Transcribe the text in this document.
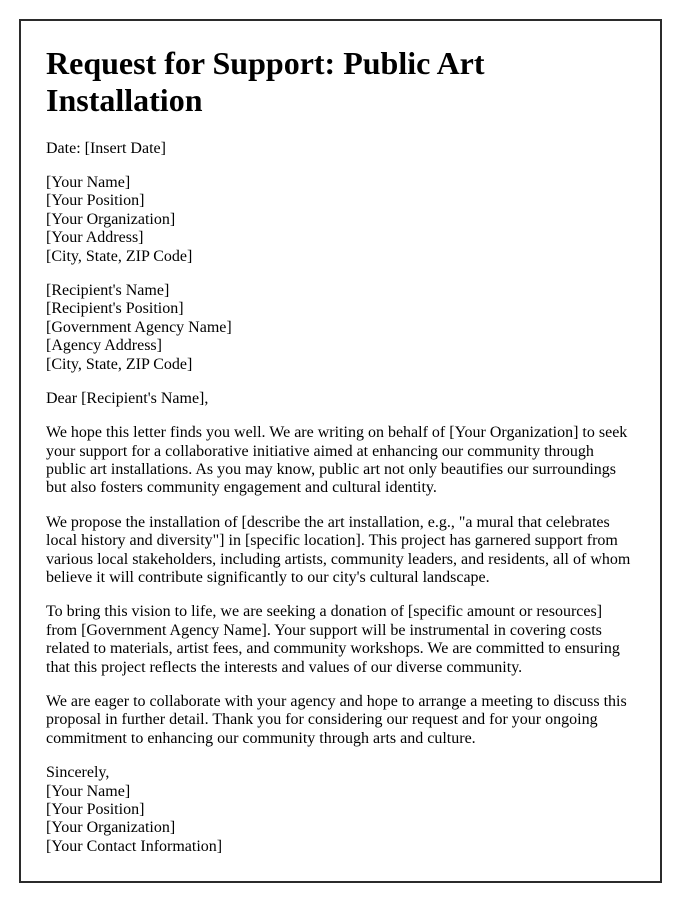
Request for Support: Public Art Installation

Date: [Insert Date]

[Your Name]
[Your Position]
[Your Organization]
[Your Address]
[City, State, ZIP Code]

[Recipient's Name]
[Recipient's Position]
[Government Agency Name]
[Agency Address]
[City, State, ZIP Code]

Dear [Recipient's Name],

We hope this letter finds you well. We are writing on behalf of [Your Organization] to seek your support for a collaborative initiative aimed at enhancing our community through public art installations. As you may know, public art not only beautifies our surroundings but also fosters community engagement and cultural identity.

We propose the installation of [describe the art installation, e.g., "a mural that celebrates local history and diversity"] in [specific location]. This project has garnered support from various local stakeholders, including artists, community leaders, and residents, all of whom believe it will contribute significantly to our city's cultural landscape.

To bring this vision to life, we are seeking a donation of [specific amount or resources] from [Government Agency Name]. Your support will be instrumental in covering costs related to materials, artist fees, and community workshops. We are committed to ensuring that this project reflects the interests and values of our diverse community.

We are eager to collaborate with your agency and hope to arrange a meeting to discuss this proposal in further detail. Thank you for considering our request and for your ongoing commitment to enhancing our community through arts and culture.

Sincerely,
[Your Name]
[Your Position]
[Your Organization]
[Your Contact Information]
